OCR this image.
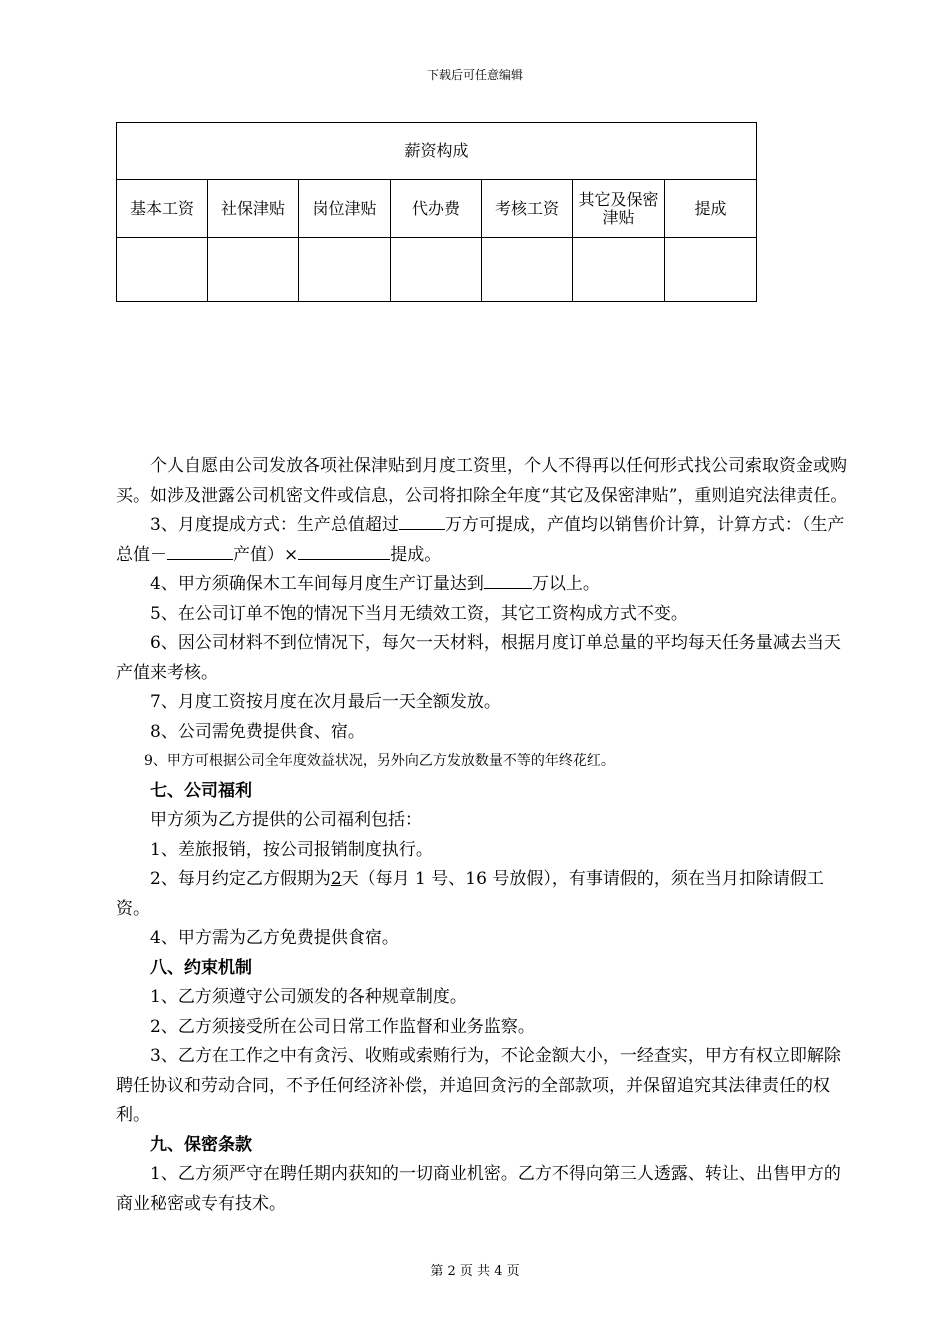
下载后可任意编辑
薪资构成						
基本工资	社保津贴	岗位津贴	代办费	考核工资	其它及保密津贴	提成

个人自愿由公司发放各项社保津贴到月度工资里，个人不得再以任何形式找公司索取资金或购买。如涉及泄露公司机密文件或信息，公司将扣除全年度“其它及保密津贴”，重则追究法律责任。

3、月度提成方式：生产总值超过	万方可提成，产值均以销售价计算，计算方式：（生产总值－	产值）×	提成。

4、甲方须确保木工车间每月度生产订量达到	万以上。

5、在公司订单不饱的情况下当月无绩效工资，其它工资构成方式不变。

6、因公司材料不到位情况下，每欠一天材料，根据月度订单总量的平均每天任务量减去当天产值来考核。

7、月度工资按月度在次月最后一天全额发放。

8、公司需免费提供食、宿。

9、甲方可根据公司全年度效益状况，另外向乙方发放数量不等的年终花红。

七、公司福利

甲方须为乙方提供的公司福利包括：

1、差旅报销，按公司报销制度执行。

2、每月约定乙方假期为2天（每月 1 号、16 号放假），有事请假的，须在当月扣除请假工资。

4、甲方需为乙方免费提供食宿。

八、约束机制

1、乙方须遵守公司颁发的各种规章制度。

2、乙方须接受所在公司日常工作监督和业务监察。

3、乙方在工作之中有贪污、收贿或索贿行为，不论金额大小，一经查实，甲方有权立即解除聘任协议和劳动合同，不予任何经济补偿，并追回贪污的全部款项，并保留追究其法律责任的权利。

九、保密条款

1、乙方须严守在聘任期内获知的一切商业机密。乙方不得向第三人透露、转让、出售甲方的商业秘密或专有技术。

第 2 页 共 4 页
